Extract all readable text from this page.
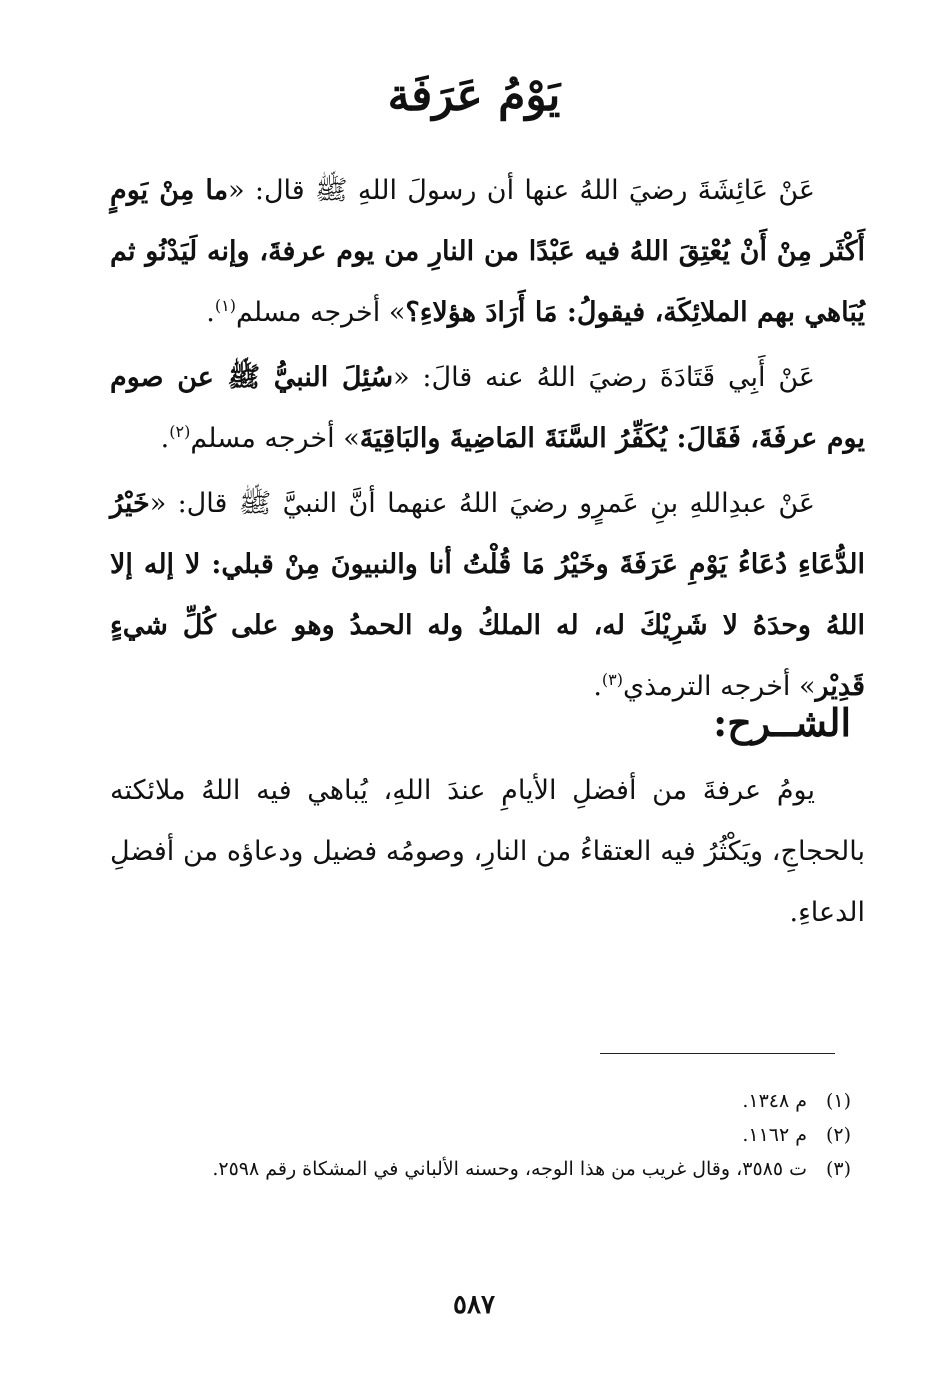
يَوْمُ عَرَفَة

عَنْ عَائِشَةَ رضيَ اللهُ عنها أن رسولَ اللهِ ﷺ قال: «ما مِنْ يَومٍ أَكْثَر مِنْ أَنْ يُعْتِقَ اللهُ فيه عَبْدًا من النارِ من يوم عرفةَ، وإنه لَيَدْنُو ثم يُبَاهي بهم الملائِكَة، فيقولُ: مَا أَرَادَ هؤلاءِ؟» أخرجه مسلم$^{(١)}$.

عَنْ أَبِي قَتَادَةَ رضيَ اللهُ عنه قالَ: «سُئِلَ النبيُّ ﷺ عن صوم يوم عرفَةَ، فَقَالَ: يُكَفِّرُ السَّنَةَ المَاضِيةَ والبَاقِيَةَ» أخرجه مسلم$^{(٢)}$.

عَنْ عبدِاللهِ بنِ عَمرٍو رضيَ اللهُ عنهما أنَّ النبيَّ ﷺ قال: «خَيْرُ الدُّعَاءِ دُعَاءُ يَوْمِ عَرَفَةَ وخَيْرُ مَا قُلْتُ أنا والنبيونَ مِنْ قبلي: لا إله إلا اللهُ وحدَهُ لا شَرِيْكَ له، له الملكُ وله الحمدُ وهو على كُلِّ شيءٍ قَدِيْر» أخرجه الترمذي$^{(٣)}$.

الشــرح:

يومُ عرفةَ من أفضلِ الأيامِ عندَ اللهِ، يُباهي فيه اللهُ ملائكته بالحجاجِ، ويَكْثُرُ فيه العتقاءُ من النارِ، وصومُه فضيل ودعاؤه من أفضلِ الدعاءِ.

(١)م ١٣٤٨.
(٢)م ١١٦٢.
(٣)ت ٣٥٨٥، وقال غريب من هذا الوجه، وحسنه الألباني في المشكاة رقم ٢٥٩٨.
٥٨٧
